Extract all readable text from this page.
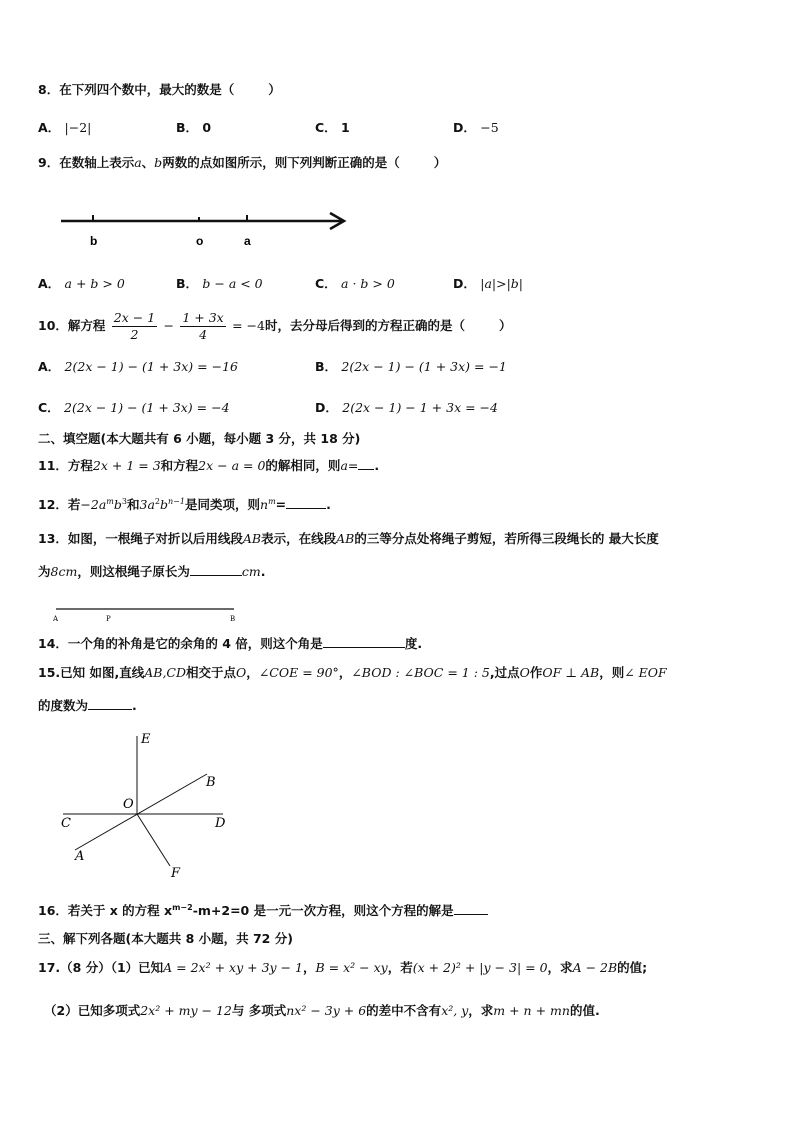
8．在下列四个数中，最大的数是（	）
A． |−2|	B． 0	C． 1	D． −5
9．在数轴上表示a、b两数的点如图所示，则下列判断正确的是（	）
b	o	a
A． a + b > 0	B． b − a < 0	C． a · b > 0	D． |a|>|b|
10．解方程 $\frac{2x - 1}{2} - \frac{1 + 3x}{4} = -4$时，去分母后得到的方程正确的是（	）
A． 2(2x − 1) − (1 + 3x) = −16	B． 2(2x − 1) − (1 + 3x) = −1
C． 2(2x − 1) − (1 + 3x) = −4	D． 2(2x − 1) − 1 + 3x = −4
二、填空题(本大题共有 6 小题，每小题 3 分，共 18 分)
11．方程2x + 1 = 3和方程2x − a = 0的解相同，则a= .
12．若$-2a^mb^3$和$3a^2b^{n-1}$是同类项，则$n^m=$	.
13．如图，一根绳子对折以后用线段AB表示，在线段AB的三等分点处将绳子剪短，若所得三段绳长的 最大长度
为8cm，则这根绳子原长为	cm.
A	P	B
14．一个角的补角是它的余角的 4 倍，则这个角是	度.
15.已知 如图,直线AB,CD相交于点O，∠COE = 90°，∠BOD : ∠BOC = 1 : 5,过点O作OF ⊥ AB，则∠ EOF
的度数为	.
E
B
O
C	D
A
F
16．若关于 x 的方程 $x^{m-2}-m+2=0$ 是一元一次方程，则这个方程的解是
三、解下列各题(本大题共 8 小题，共 72 分)
17.（8 分）（1）已知A = 2x² + xy + 3y − 1，B = x² − xy，若(x + 2)² + |y − 3| = 0，求A − 2B的值;
（2）已知多项式2x² + my − 12与 多项式nx² − 3y + 6的差中不含有x², y，求m + n + mn的值.
